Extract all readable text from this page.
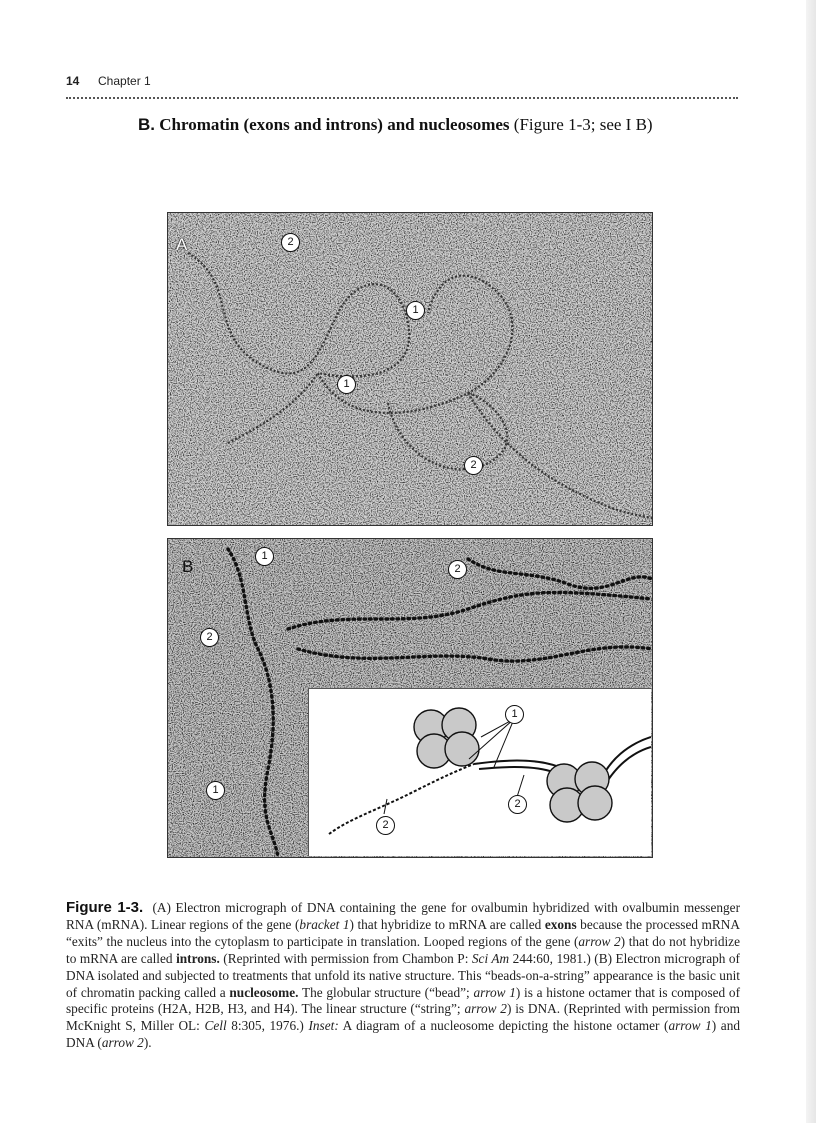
14 Chapter 1
B. Chromatin (exons and introns) and nucleosomes (Figure 1-3; see I B)
A
B
2
1
1
2
1
2
2
1
1
2
2
Figure 1-3. (A) Electron micrograph of DNA containing the gene for ovalbumin hybridized with ovalbumin messenger RNA (mRNA). Linear regions of the gene (bracket 1) that hybridize to mRNA are called exons because the processed mRNA “exits” the nucleus into the cytoplasm to participate in translation. Looped regions of the gene (arrow 2) that do not hybridize to mRNA are called introns. (Reprinted with permission from Chambon P: Sci Am 244:60, 1981.) (B) Electron micrograph of DNA isolated and subjected to treatments that unfold its native structure. This “beads-on-a-string” appearance is the basic unit of chromatin packing called a nucleosome. The globular structure (“bead”; arrow 1) is a histone octamer that is composed of specific proteins (H2A, H2B, H3, and H4). The linear structure (“string”; arrow 2) is DNA. (Reprinted with permission from McKnight S, Miller OL: Cell 8:305, 1976.) Inset: A diagram of a nucleosome depicting the histone octamer (arrow 1) and DNA (arrow 2).
